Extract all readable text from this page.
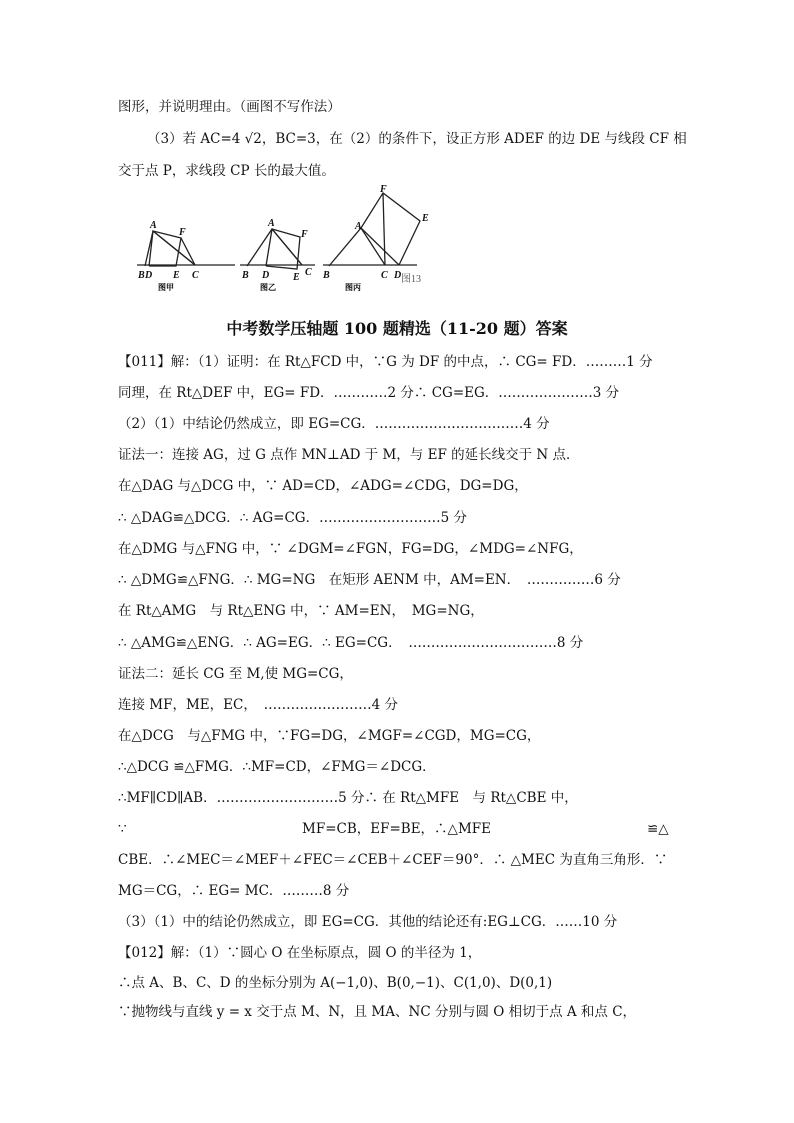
图形，并说明理由。（画图不写作法）
（3）若 AC=4 √2，BC=3，在（2）的条件下，设正方形 ADEF 的边 DE 与线段 CF 相
交于点 P，求线段 CP 长的最大值。
A
B D E C
F
A
B D E C
F
A
B	C D
F
E
图甲	图乙	图丙
图13
中考数学压轴题 100 题精选（11-20 题）答案
【011】解：（1）证明：在 Rt△FCD 中，∵G 为 DF 的中点，∴ CG= FD．………1 分
同理，在 Rt△DEF 中，EG= FD．…………2 分∴ CG=EG．…………………3 分
（2）（1）中结论仍然成立，即 EG=CG．……………………………4 分
证法一：连接 AG，过 G 点作 MN⊥AD 于 M，与 EF 的延长线交于 N 点．
在△DAG 与△DCG 中，∵ AD=CD，∠ADG=∠CDG，DG=DG，
∴ △DAG≌△DCG．∴ AG=CG．………………………5 分
在△DMG 与△FNG 中，∵ ∠DGM=∠FGN，FG=DG，∠MDG=∠NFG，
∴ △DMG≌△FNG．∴ MG=NG　在矩形 AENM 中，AM=EN．　……………6 分
在 Rt△AMG　与 Rt△ENG 中，∵ AM=EN，　MG=NG，
∴ △AMG≌△ENG．∴ AG=EG．∴ EG=CG．　……………………………8 分
证法二：延长 CG 至 M,使 MG=CG，
连接 MF，ME，EC，　……………………4 分
在△DCG　与△FMG 中，∵FG=DG，∠MGF=∠CGD，MG=CG，
∴△DCG ≌△FMG．∴MF=CD，∠FMG＝∠DCG．
∴MF∥CD∥AB．………………………5 分∴ 在 Rt△MFE　与 Rt△CBE 中，
∵	MF=CB，EF=BE，∴△MFE	≌△
CBE．∴∠MEC＝∠MEF＋∠FEC＝∠CEB＋∠CEF＝90°．∴ △MEC 为直角三角形．∵
MG＝CG，∴ EG= MC．………8 分
（3）（1）中的结论仍然成立，即 EG=CG．其他的结论还有:EG⊥CG．……10 分
【012】解：（1）∵圆心 O 在坐标原点，圆 O 的半径为 1，
∴点 A、B、C、D 的坐标分别为 A(−1,0)、B(0,−1)、C(1,0)、D(0,1)
∵抛物线与直线 y = x 交于点 M、N，且 MA、NC 分别与圆 O 相切于点 A 和点 C，
